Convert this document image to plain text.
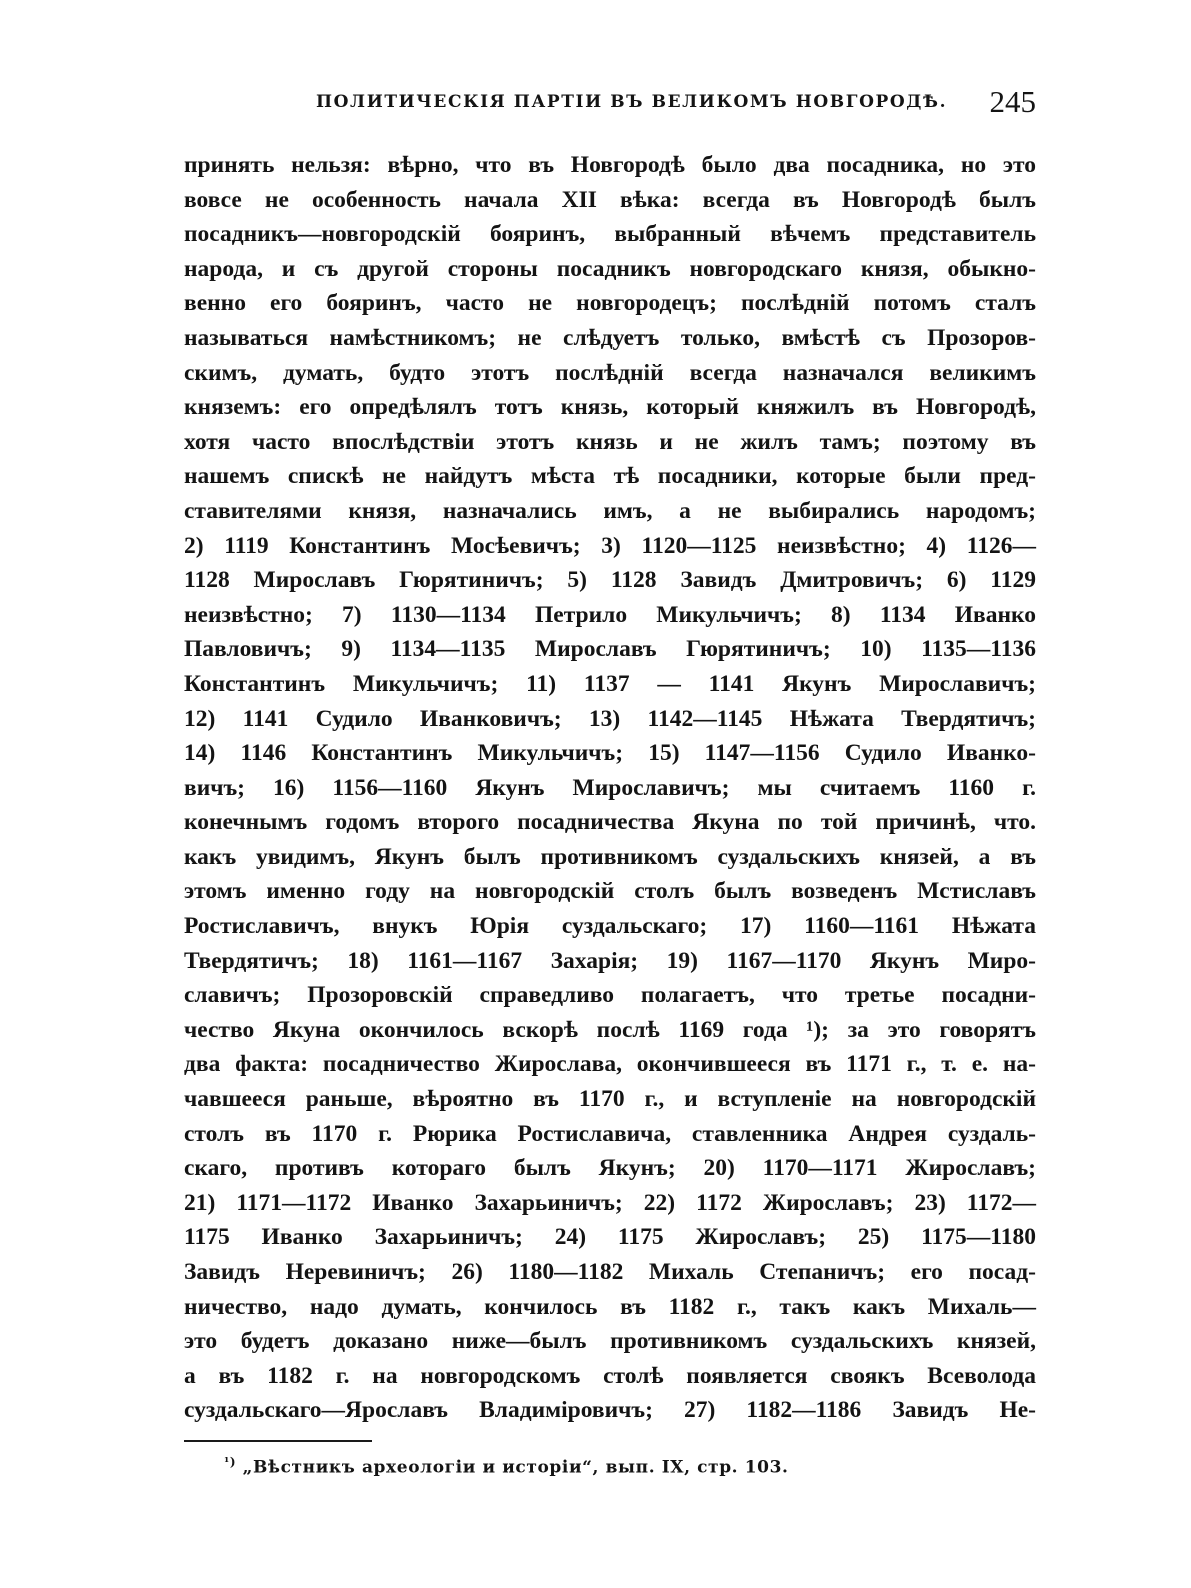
ПОЛИТИЧЕСКІЯ ПАРТІИ ВЪ ВЕЛИКОМЪ НОВГОРОДѢ. 245
принять нельзя: вѣрно, что въ Новгородѣ было два посадника, но это
вовсе не особенность начала XII вѣка: всегда въ Новгородѣ былъ
посадникъ—новгородскій бояринъ, выбранный вѣчемъ представитель
народа, и съ другой стороны посадникъ новгородскаго князя, обыкно-
венно его бояринъ, часто не новгородецъ; послѣдній потомъ сталъ
называться намѣстникомъ; не слѣдуетъ только, вмѣстѣ съ Прозоров-
скимъ, думать, будто этотъ послѣдній всегда назначался великимъ
княземъ: его опредѣлялъ тотъ князь, который княжилъ въ Новгородѣ,
хотя часто впослѣдствіи этотъ князь и не жилъ тамъ; поэтому въ
нашемъ спискѣ не найдутъ мѣста тѣ посадники, которые были пред-
ставителями князя, назначались имъ, а не выбирались народомъ;
2) 1119 Константинъ Мосѣевичъ; 3) 1120—1125 неизвѣстно; 4) 1126—
1128 Мирославъ Гюрятиничъ; 5) 1128 Завидъ Дмитровичъ; 6) 1129
неизвѣстно; 7) 1130—1134 Петрило Микульчичъ; 8) 1134 Иванко
Павловичъ; 9) 1134—1135 Мирославъ Гюрятиничъ; 10) 1135—1136
Константинъ Микульчичъ; 11) 1137 — 1141 Якунъ Мирославичъ;
12) 1141 Судило Иванковичъ; 13) 1142—1145 Нѣжата Твердятичъ;
14) 1146 Константинъ Микульчичъ; 15) 1147—1156 Судило Иванко-
вичъ; 16) 1156—1160 Якунъ Мирославичъ; мы считаемъ 1160 г.
конечнымъ годомъ второго посадничества Якуна по той причинѣ, что.
какъ увидимъ, Якунъ былъ противникомъ суздальскихъ князей, а въ
этомъ именно году на новгородскій столъ былъ возведенъ Мстиславъ
Ростиславичъ, внукъ Юрія суздальскаго; 17) 1160—1161 Нѣжата
Твердятичъ; 18) 1161—1167 Захарія; 19) 1167—1170 Якунъ Миро-
славичъ; Прозоровскій справедливо полагаетъ, что третье посадни-
чество Якуна окончилось вскорѣ послѣ 1169 года ¹); за это говорятъ
два факта: посадничество Жирослава, окончившееся въ 1171 г., т. е. на-
чавшееся раньше, вѣроятно въ 1170 г., и вступленіе на новгородскій
столъ въ 1170 г. Рюрика Ростиславича, ставленника Андрея суздаль-
скаго, противъ котораго былъ Якунъ; 20) 1170—1171 Жирославъ;
21) 1171—1172 Иванко Захарьиничъ; 22) 1172 Жирославъ; 23) 1172—
1175 Иванко Захарьиничъ; 24) 1175 Жирославъ; 25) 1175—1180
Завидъ Неревиничъ; 26) 1180—1182 Михаль Степаничъ; его посад-
ничество, надо думать, кончилось въ 1182 г., такъ какъ Михаль—
это будетъ доказано ниже—былъ противникомъ суздальскихъ князей,
а въ 1182 г. на новгородскомъ столѣ появляется своякъ Всеволода
суздальскаго—Ярославъ Владиміровичъ; 27) 1182—1186 Завидъ Не-
$^{^1)}$ „Вѣстникъ археологіи и исторіи“, вып. IX, стр. 103.
